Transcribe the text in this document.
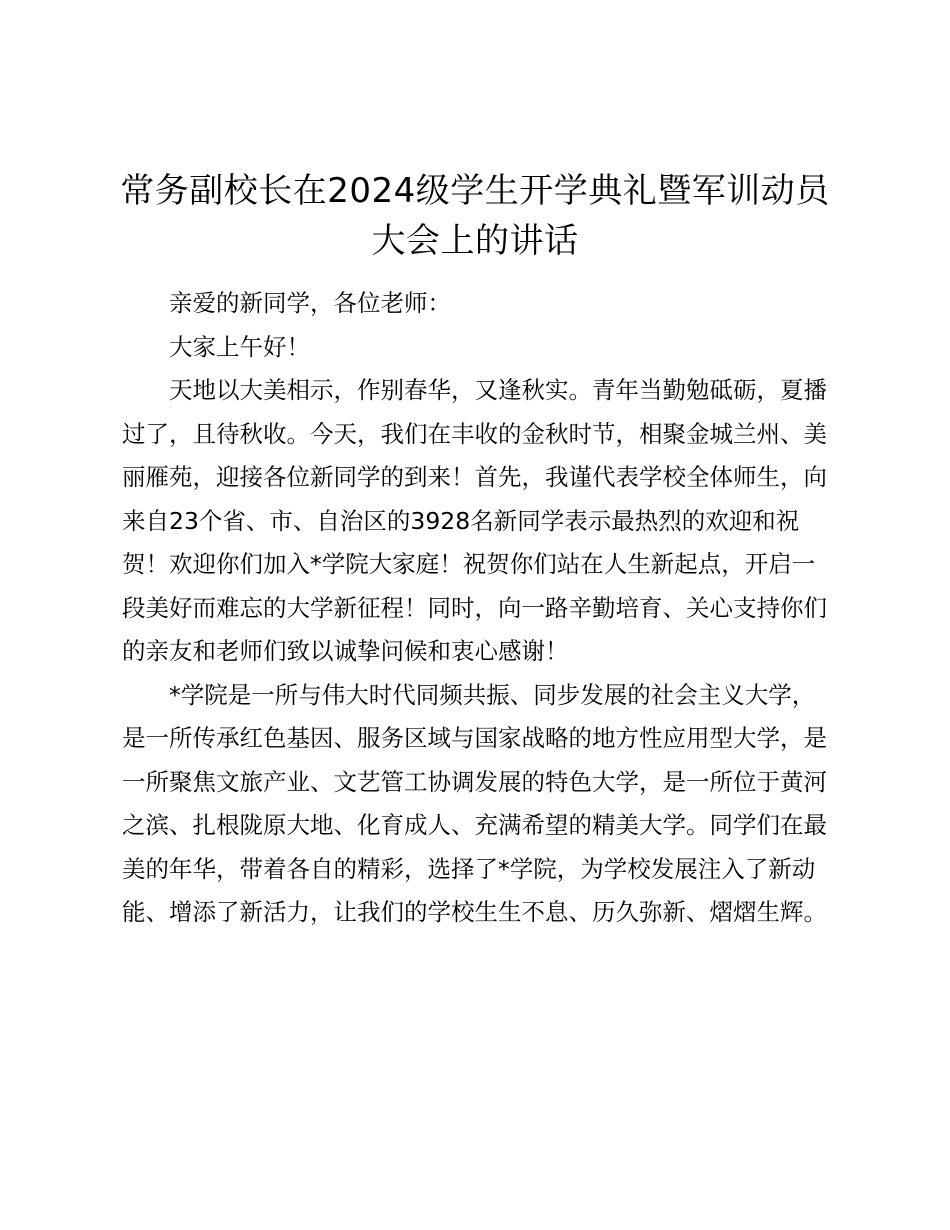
常务副校长在2024级学生开学典礼暨军训动员大会上的讲话

亲爱的新同学，各位老师：

大家上午好！

天地以大美相示，作别春华，又逢秋实。青年当勤勉砥砺，夏播过了，且待秋收。今天，我们在丰收的金秋时节，相聚金城兰州、美丽雁苑，迎接各位新同学的到来！首先，我谨代表学校全体师生，向来自23个省、市、自治区的3928名新同学表示最热烈的欢迎和祝贺！欢迎你们加入*学院大家庭！祝贺你们站在人生新起点，开启一段美好而难忘的大学新征程！同时，向一路辛勤培育、关心支持你们的亲友和老师们致以诚挚问候和衷心感谢！

*学院是一所与伟大时代同频共振、同步发展的社会主义大学，是一所传承红色基因、服务区域与国家战略的地方性应用型大学，是一所聚焦文旅产业、文艺管工协调发展的特色大学，是一所位于黄河之滨、扎根陇原大地、化育成人、充满希望的精美大学。同学们在最美的年华，带着各自的精彩，选择了*学院，为学校发展注入了新动能、增添了新活力，让我们的学校生生不息、历久弥新、熠熠生辉。
